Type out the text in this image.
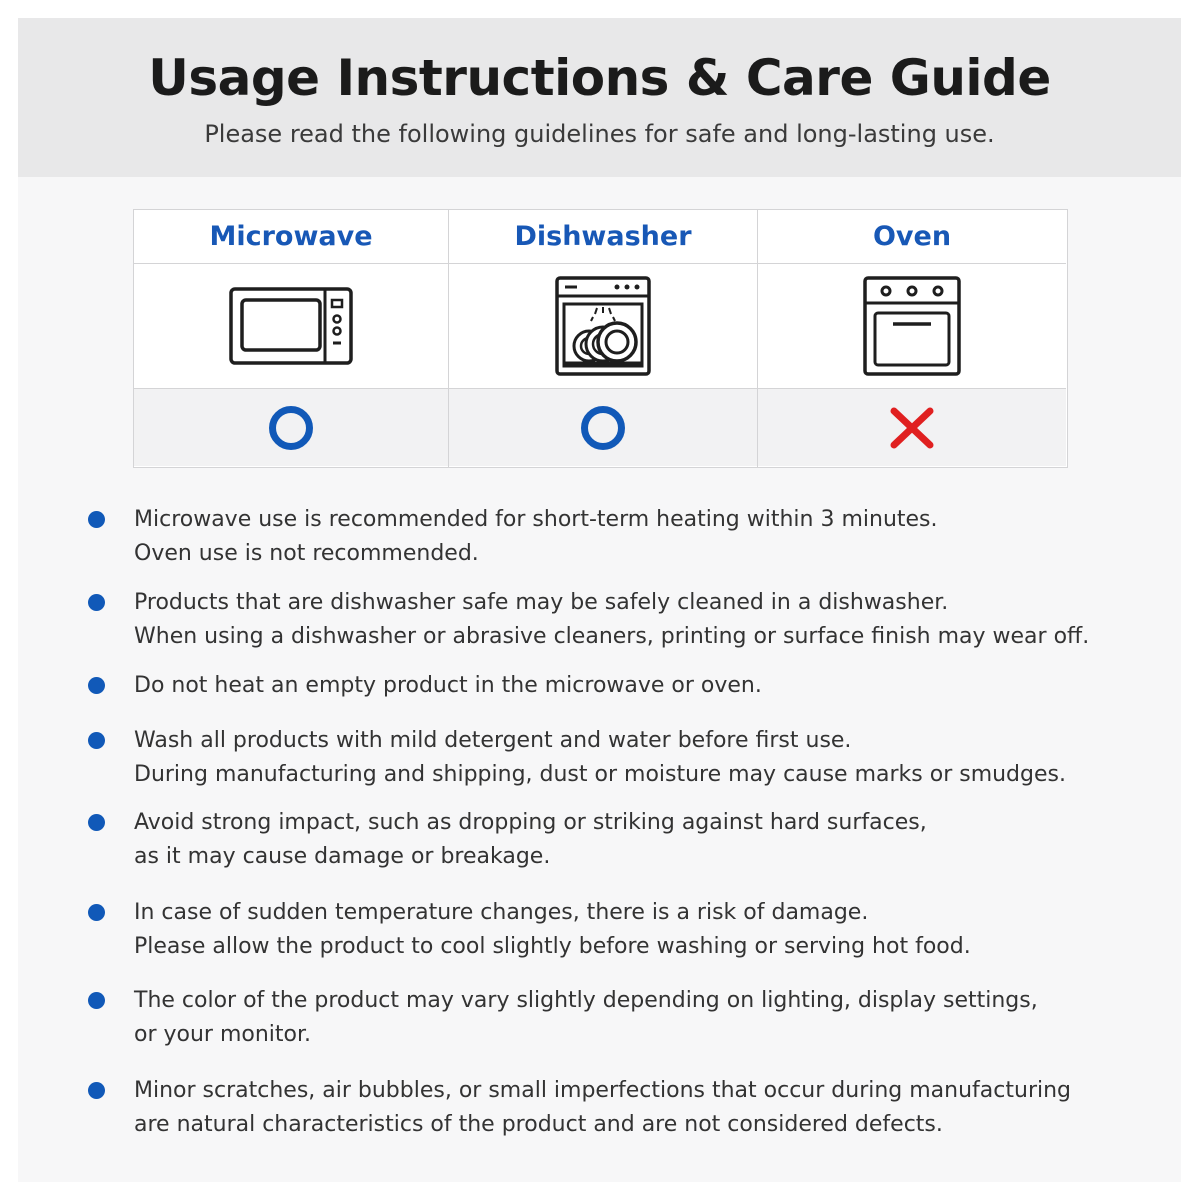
Usage Instructions & Care Guide
Please read the following guidelines for safe and long-lasting use.
Microwave	Dishwasher	Oven
Microwave use is recommended for short-term heating within 3 minutes.
Oven use is not recommended.
Products that are dishwasher safe may be safely cleaned in a dishwasher.
When using a dishwasher or abrasive cleaners, printing or surface finish may wear off.
Do not heat an empty product in the microwave or oven.
Wash all products with mild detergent and water before first use.
During manufacturing and shipping, dust or moisture may cause marks or smudges.
Avoid strong impact, such as dropping or striking against hard surfaces,
as it may cause damage or breakage.
In case of sudden temperature changes, there is a risk of damage.
Please allow the product to cool slightly before washing or serving hot food.
The color of the product may vary slightly depending on lighting, display settings,
or your monitor.
Minor scratches, air bubbles, or small imperfections that occur during manufacturing
are natural characteristics of the product and are not considered defects.
